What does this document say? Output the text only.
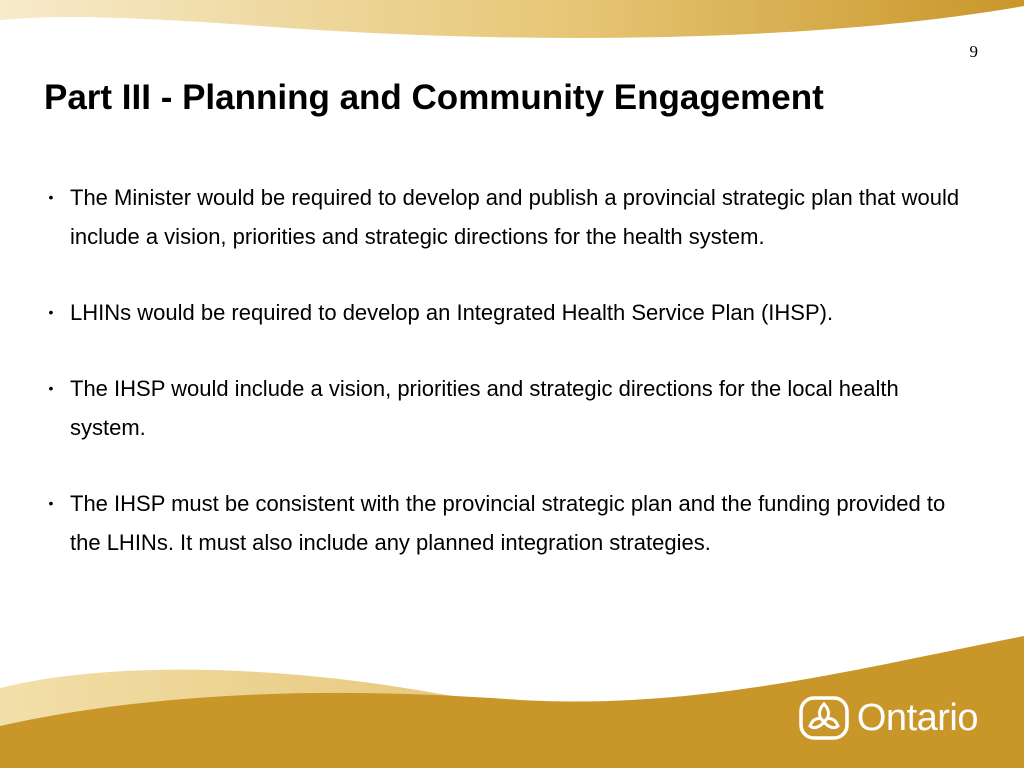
9
Part III - Planning and Community Engagement
• The Minister would be required to develop and publish a provincial strategic plan that would include a vision, priorities and strategic directions for the health system.
• LHINs would be required to develop an Integrated Health Service Plan (IHSP).
• The IHSP would include a vision, priorities and strategic directions for the local health system.
• The IHSP must be consistent with the provincial strategic plan and the funding provided to the LHINs. It must also include any planned integration strategies.
Ontario
